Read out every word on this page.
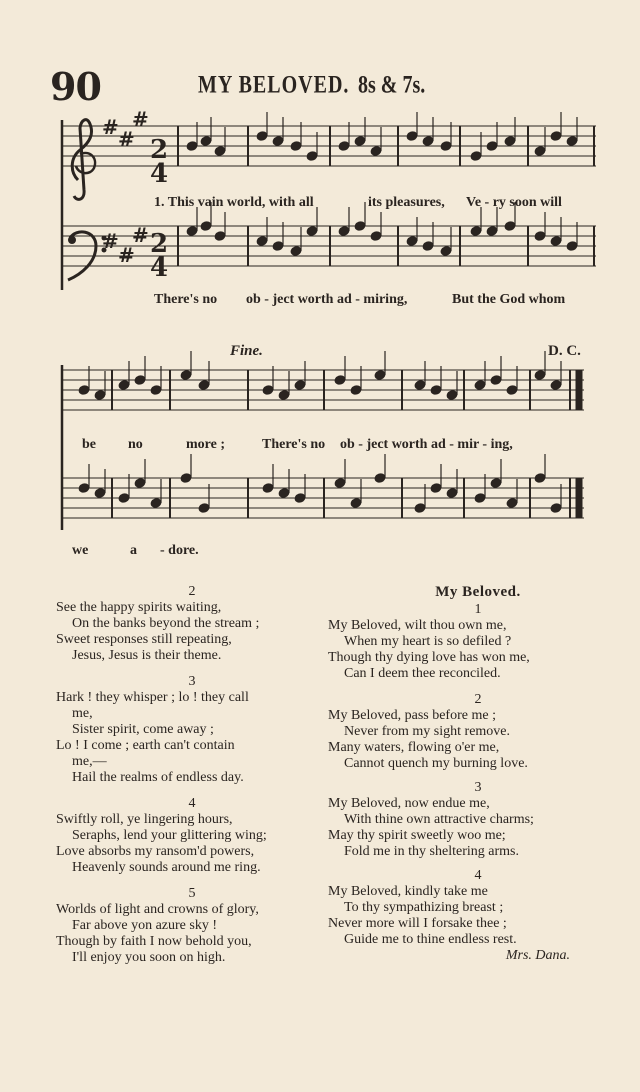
90	MY BELOVED. 8s & 7s.
# #
#
#
#
#
2
4
2
4
1. This vain world, with all	its pleasures, Ve - ry soon will
There's no ob - ject worth ad - miring,	But the God whom
Fine.	D. C.
be no	more ;	There's no ob - ject worth ad - mir - ing,
we	a - dore.
2
See the happy spirits waiting,
On the banks beyond the stream ;
Sweet responses still repeating,
Jesus, Jesus is their theme.
3
Hark ! they whisper ; lo ! they call
me,
Sister spirit, come away ;
Lo ! I come ; earth can't contain
me,—
Hail the realms of endless day.
4
Swiftly roll, ye lingering hours,
Seraphs, lend your glittering wing;
Love absorbs my ransom'd powers,
Heavenly sounds around me ring.
5
Worlds of light and crowns of glory,
Far above yon azure sky !
Though by faith I now behold you,
I'll enjoy you soon on high.
My Beloved.
1
My Beloved, wilt thou own me,
When my heart is so defiled ?
Though thy dying love has won me,
Can I deem thee reconciled.
2
My Beloved, pass before me ;
Never from my sight remove.
Many waters, flowing o'er me,
Cannot quench my burning love.
3
My Beloved, now endue me,
With thine own attractive charms;
May thy spirit sweetly woo me;
Fold me in thy sheltering arms.
4
My Beloved, kindly take me
To thy sympathizing breast ;
Never more will I forsake thee ;
Guide me to thine endless rest.
Mrs. Dana.
